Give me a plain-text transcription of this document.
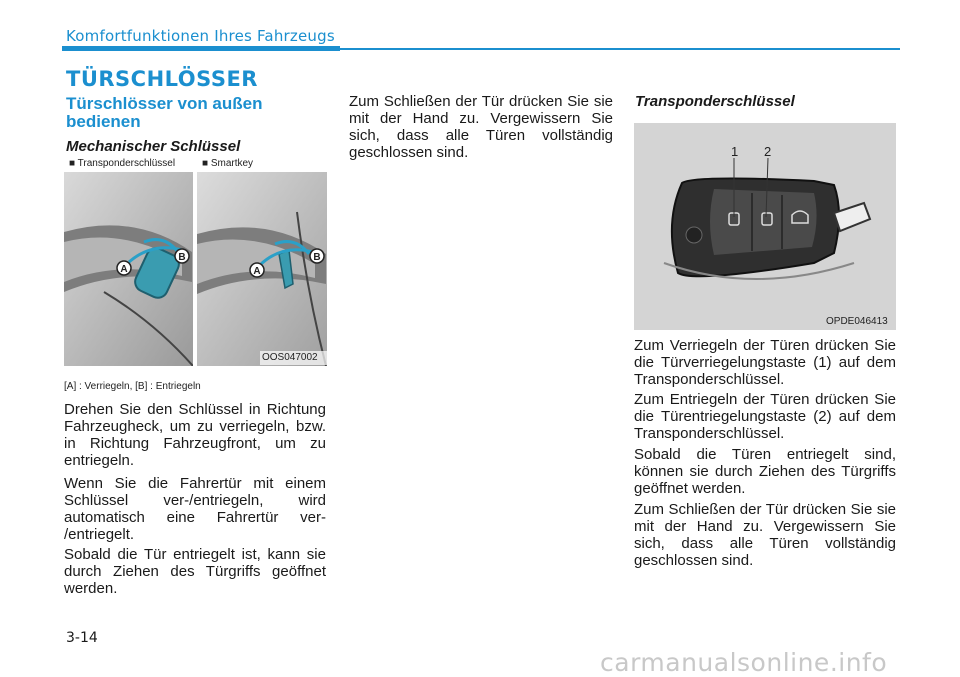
Komfortfunktionen Ihres Fahrzeugs
TÜRSCHLÖSSER
Türschlösser von außen bedienen
Mechanischer Schlüssel
■ Transponderschlüssel	■ Smartkey
A
B
A
B
OOS047002
[A] : Verriegeln, [B] : Entriegeln

Drehen Sie den Schlüssel in Richtung Fahrzeugheck, um zu verriegeln, bzw. in Richtung Fahrzeugfront, um zu entriegeln.

Wenn Sie die Fahrertür mit einem Schlüssel ver-/entriegeln, wird automatisch eine Fahrertür ver- /entriegelt.

Sobald die Tür entriegelt ist, kann sie durch Ziehen des Türgriffs geöffnet werden.

Zum Schließen der Tür drücken Sie sie mit der Hand zu. Vergewissern Sie sich, dass alle Türen vollständig geschlossen sind.

Transponderschlüssel
1 2
OPDE046413

Zum Verriegeln der Türen drücken Sie die Türverriegelungstaste (1) auf dem Transponderschlüssel.

Zum Entriegeln der Türen drücken Sie die Türentriegelungstaste (2) auf dem Transponderschlüssel.

Sobald die Türen entriegelt sind, können sie durch Ziehen des Türgriffs geöffnet werden.

Zum Schließen der Tür drücken Sie sie mit der Hand zu. Vergewissern Sie sich, dass alle Türen vollständig geschlossen sind.

3-14
carmanualsonline.info
